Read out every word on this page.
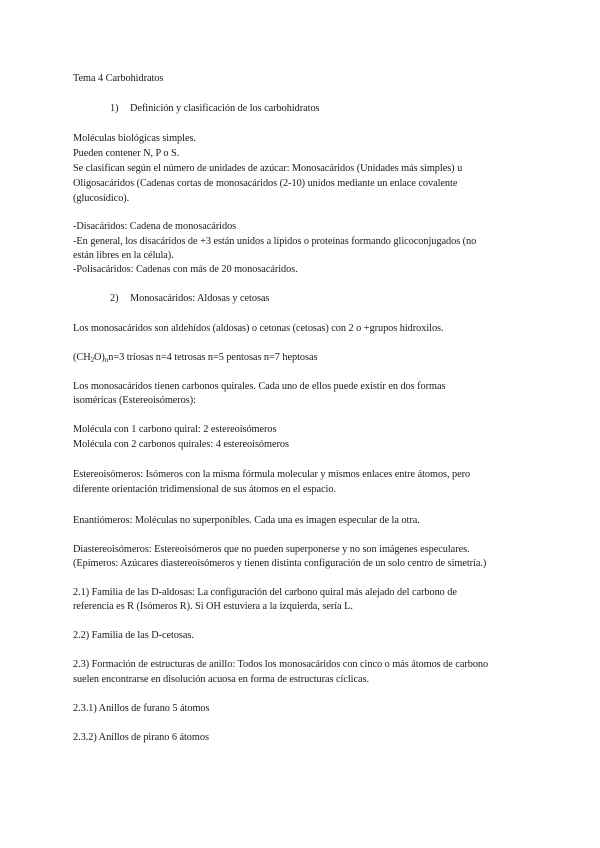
Tema 4 Carbohidratos
1) Definición y clasificación de los carbohidratos
Moléculas biológicas simples.
Pueden contener N, P o S.
Se clasifican según el número de unidades de azúcar: Monosacáridos (Unidades más simples) u
Oligosacáridos (Cadenas cortas de monosacáridos (2-10) unidos mediante un enlace covalente
(glucosídico).
-Disacáridos: Cadena de monosacáridos
-En general, los disacáridos de +3 están unidos a lípidos o proteínas formando glicoconjugados (no
están libres en la célula).
-Polisacáridos: Cadenas con más de 20 monosacáridos.
2) Monosacáridos: Aldosas y cetosas
Los monosacáridos son aldehídos (aldosas) o cetonas (cetosas) con 2 o +grupos hidroxilos.
$(CH_2O)_nn=3$ triosas n=4 tetrosas n=5 pentosas n=7 heptosas
Los monosacáridos tienen carbonos quirales. Cada uno de ellos puede existir en dos formas
isoméricas (Estereoisómeros):
Molécula con 1 carbono quiral: 2 estereoisómeros
Molécula con 2 carbonos quirales: 4 estereoisómeros
Estereoisómeros: Isómeros con la misma fórmula molecular y mismos enlaces entre átomos, pero
diferente orientación tridimensional de sus átomos en el espacio.
Enantiómeros: Moléculas no superponibles. Cada una es imagen especular de la otra.
Diastereoisómeros: Estereoisómeros que no pueden superponerse y no son imágenes especulares.
(Epímeros: Azúcares diastereoisómeros y tienen distinta configuración de un solo centro de simetría.)
2.1) Familia de las D-aldosas: La configuración del carbono quiral más alejado del carbono de
referencia es R (Isómeros R). Si OH estuviera a la izquierda, sería L.
2.2) Familia de las D-cetosas.
2.3) Formación de estructuras de anillo: Todos los monosacáridos con cinco o más átomos de carbono
suelen encontrarse en disolución acuosa en forma de estructuras cíclicas.
2.3.1) Anillos de furano 5 átomos
2.3.2) Anillos de pirano 6 átomos
